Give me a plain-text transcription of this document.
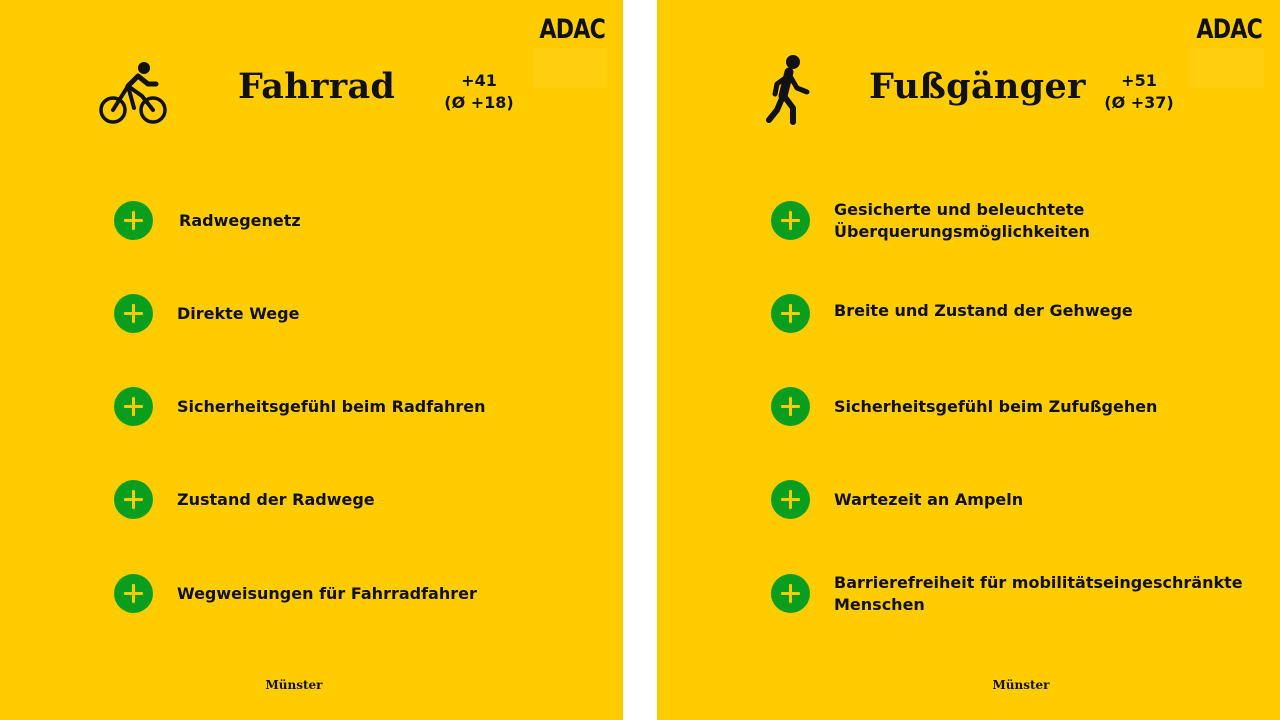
ADAC
Fahrrad	+41
(Ø +18)
Radwegenetz
Direkte Wege
Sicherheitsgefühl beim Radfahren
Zustand der Radwege
Wegweisungen für Fahrradfahrer
Münster
ADAC
Fußgänger	+51
(Ø +37)
Gesicherte und beleuchtete Überquerungsmöglichkeiten
Breite und Zustand der Gehwege
Sicherheitsgefühl beim Zufußgehen
Wartezeit an Ampeln
Barrierefreiheit für mobilitätseingeschränkte Menschen
Münster
